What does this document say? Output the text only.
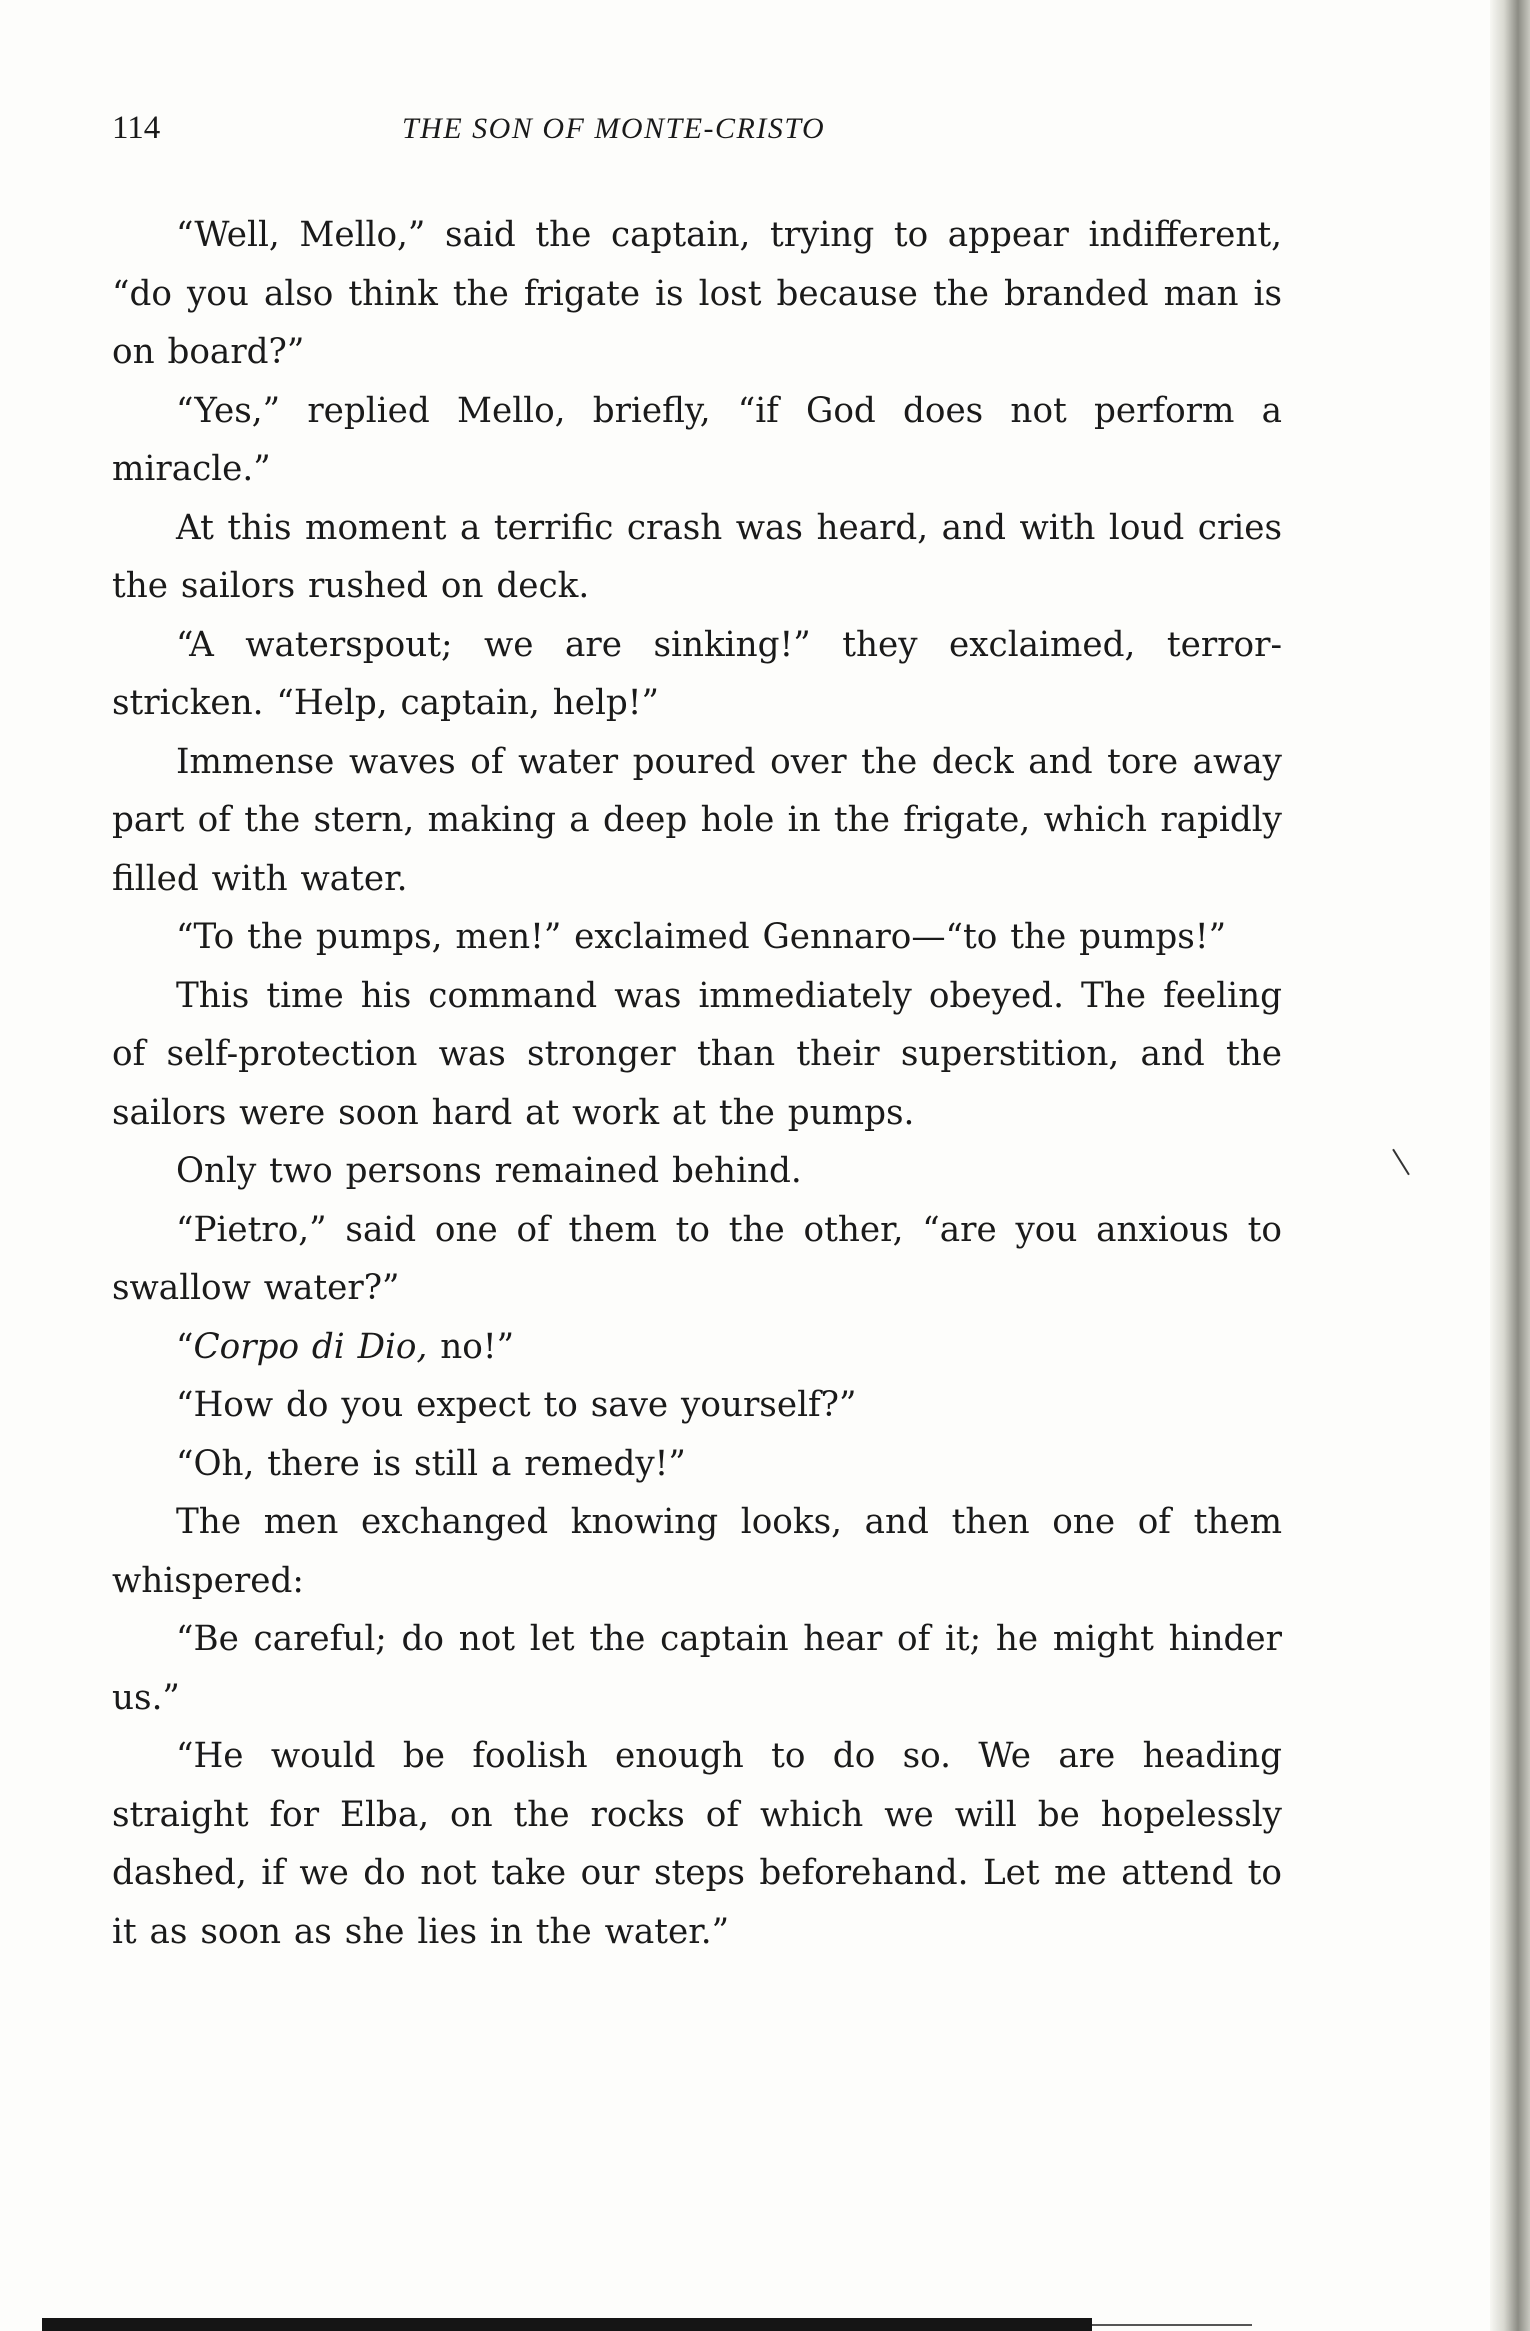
114	THE SON OF MONTE-CRISTO

“Well, Mello,” said the captain, trying to appear indifferent, “do you also think the frigate is lost because the branded man is on board?”

“Yes,” replied Mello, briefly, “if God does not perform a miracle.”

At this moment a terrific crash was heard, and with loud cries the sailors rushed on deck.

“A waterspout; we are sinking!” they exclaimed, terror-stricken. “Help, captain, help!”

Immense waves of water poured over the deck and tore away part of the stern, making a deep hole in the frigate, which rapidly filled with water.

“To the pumps, men!” exclaimed Gennaro—“to the pumps!”

This time his command was immediately obeyed. The feeling of self-protection was stronger than their superstition, and the sailors were soon hard at work at the pumps.

Only two persons remained behind.

“Pietro,” said one of them to the other, “are you anxious to swallow water?”

“Corpo di Dio, no!”

“How do you expect to save yourself?”

“Oh, there is still a remedy!”

The men exchanged knowing looks, and then one of them whispered:

“Be careful; do not let the captain hear of it; he might hinder us.”

“He would be foolish enough to do so. We are heading straight for Elba, on the rocks of which we will be hopelessly dashed, if we do not take our steps beforehand. Let me attend to it as soon as she lies in the water.”
